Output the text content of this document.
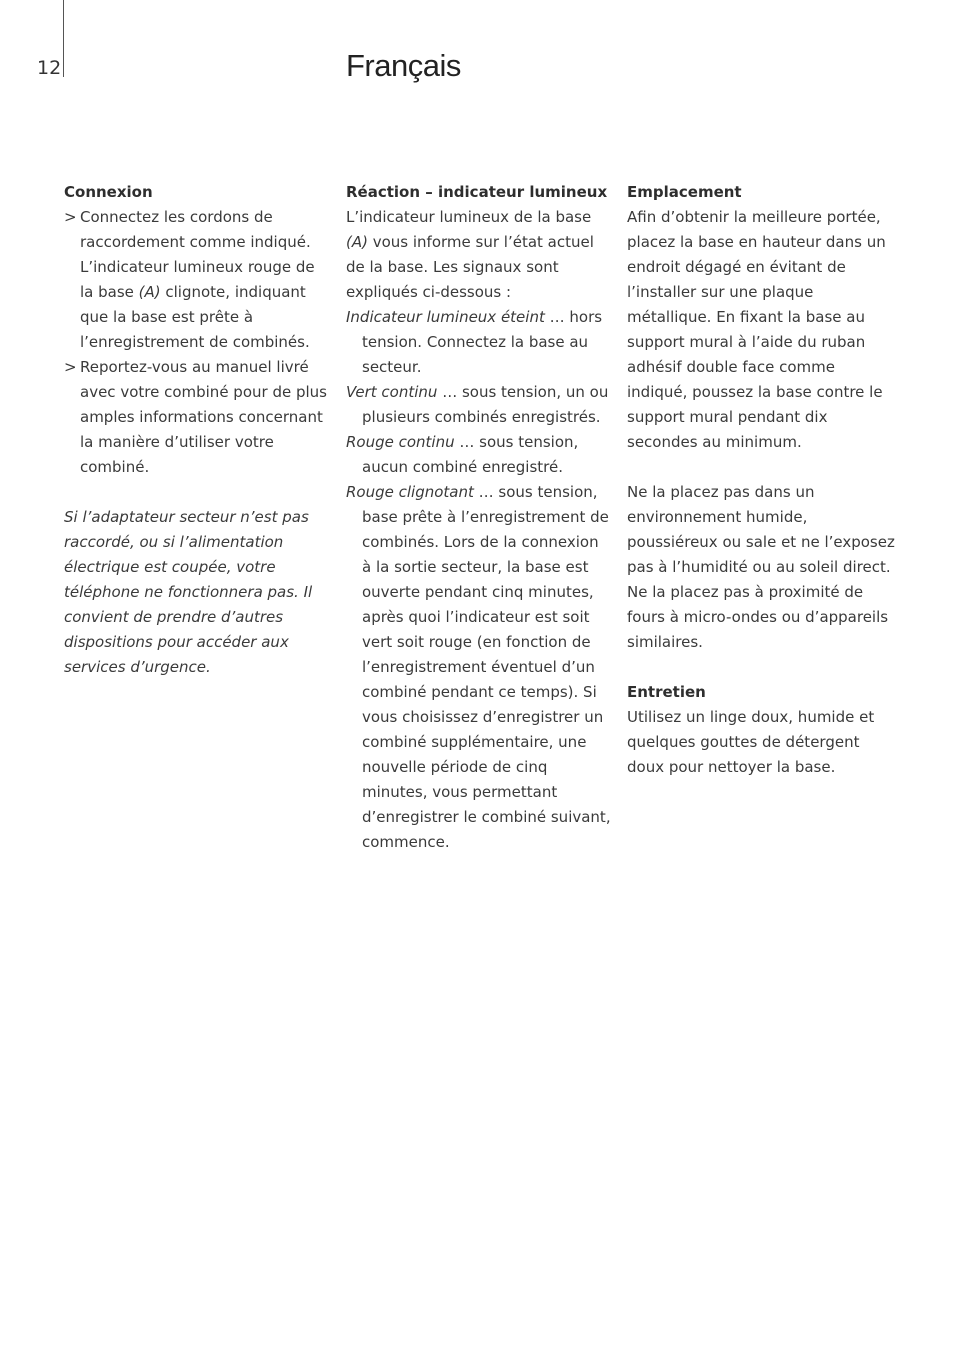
12	Français

Connexion

> Connectez les cordons de raccordement comme indiqué. L’indicateur lumineux rouge de la base (A) clignote, indiquant que la base est prête à l’enregistrement de combinés.
> Reportez-vous au manuel livré avec votre combiné pour de plus amples informations concernant la manière d’utiliser votre combiné.

Si l’adaptateur secteur n’est pas raccordé, ou si l’alimentation électrique est coupée, votre téléphone ne fonctionnera pas. Il convient de prendre d’autres dispositions pour accéder aux services d’urgence.

Réaction – indicateur lumineux

L’indicateur lumineux de la base (A) vous informe sur l’état actuel de la base. Les signaux sont expliqués ci-dessous :

Indicateur lumineux éteint … hors tension. Connectez la base au secteur.

Vert continu … sous tension, un ou plusieurs combinés enregistrés.

Rouge continu … sous tension, aucun combiné enregistré.

Rouge clignotant … sous tension, base prête à l’enregistrement de combinés. Lors de la connexion à la sortie secteur, la base est ouverte pendant cinq minutes, après quoi l’indicateur est soit vert soit rouge (en fonction de l’enregistrement éventuel d’un combiné pendant ce temps). Si vous choisissez d’enregistrer un combiné supplémentaire, une nouvelle période de cinq minutes, vous permettant d’enregistrer le combiné suivant, commence.

Emplacement

Afin d’obtenir la meilleure portée, placez la base en hauteur dans un endroit dégagé en évitant de l’installer sur une plaque métallique. En fixant la base au support mural à l’aide du ruban adhésif double face comme indiqué, poussez la base contre le support mural pendant dix secondes au minimum.

Ne la placez pas dans un environnement humide, poussiéreux ou sale et ne l’exposez pas à l’humidité ou au soleil direct. Ne la placez pas à proximité de fours à micro-ondes ou d’appareils similaires.

Entretien

Utilisez un linge doux, humide et quelques gouttes de détergent doux pour nettoyer la base.
